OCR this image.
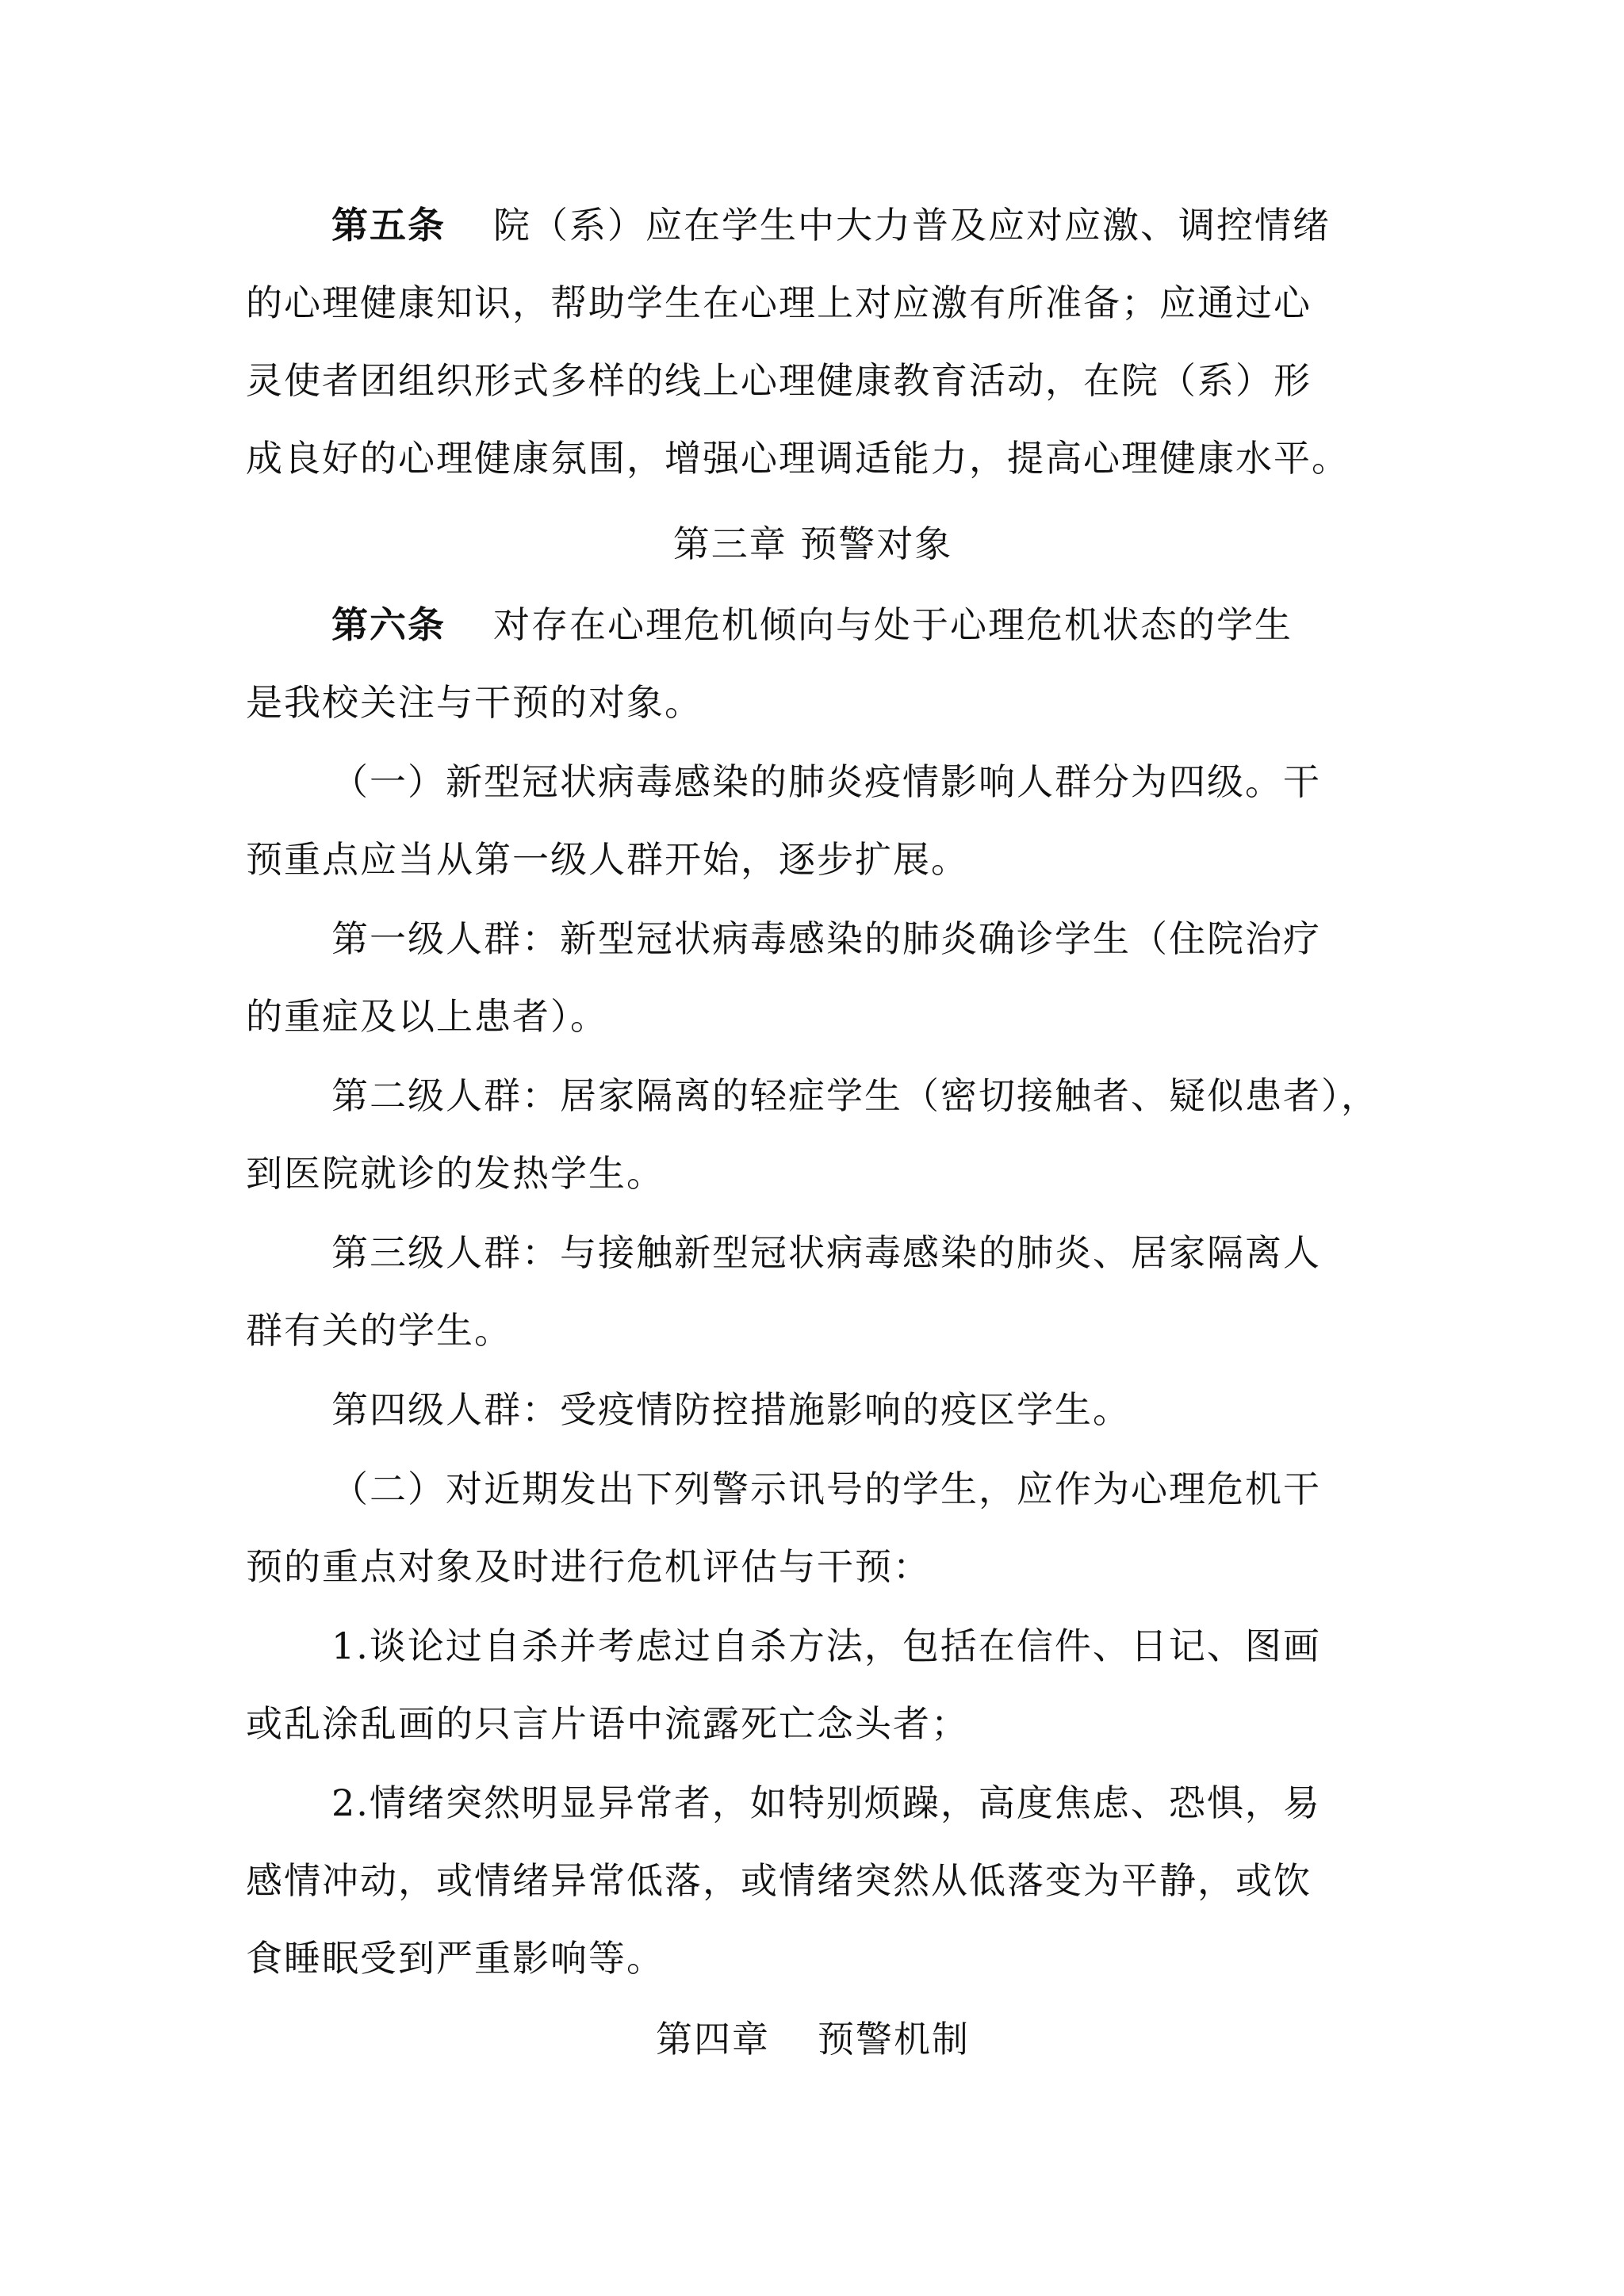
第五条 院（系）应在学生中大力普及应对应激、调控情绪
的心理健康知识，帮助学生在心理上对应激有所准备；应通过心
灵使者团组织形式多样的线上心理健康教育活动，在院（系）形
成良好的心理健康氛围，增强心理调适能力，提高心理健康水平。
第三章 预警对象
第六条 对存在心理危机倾向与处于心理危机状态的学生
是我校关注与干预的对象。
（一）新型冠状病毒感染的肺炎疫情影响人群分为四级。干
预重点应当从第一级人群开始，逐步扩展。
第一级人群：新型冠状病毒感染的肺炎确诊学生（住院治疗
的重症及以上患者）。
第二级人群：居家隔离的轻症学生（密切接触者、疑似患者），
到医院就诊的发热学生。
第三级人群：与接触新型冠状病毒感染的肺炎、居家隔离人
群有关的学生。
第四级人群：受疫情防控措施影响的疫区学生。
（二）对近期发出下列警示讯号的学生，应作为心理危机干
预的重点对象及时进行危机评估与干预：
1.谈论过自杀并考虑过自杀方法，包括在信件、日记、图画
或乱涂乱画的只言片语中流露死亡念头者；
2.情绪突然明显异常者，如特别烦躁，高度焦虑、恐惧，易
感情冲动，或情绪异常低落，或情绪突然从低落变为平静，或饮
食睡眠受到严重影响等。
第四章 预警机制
